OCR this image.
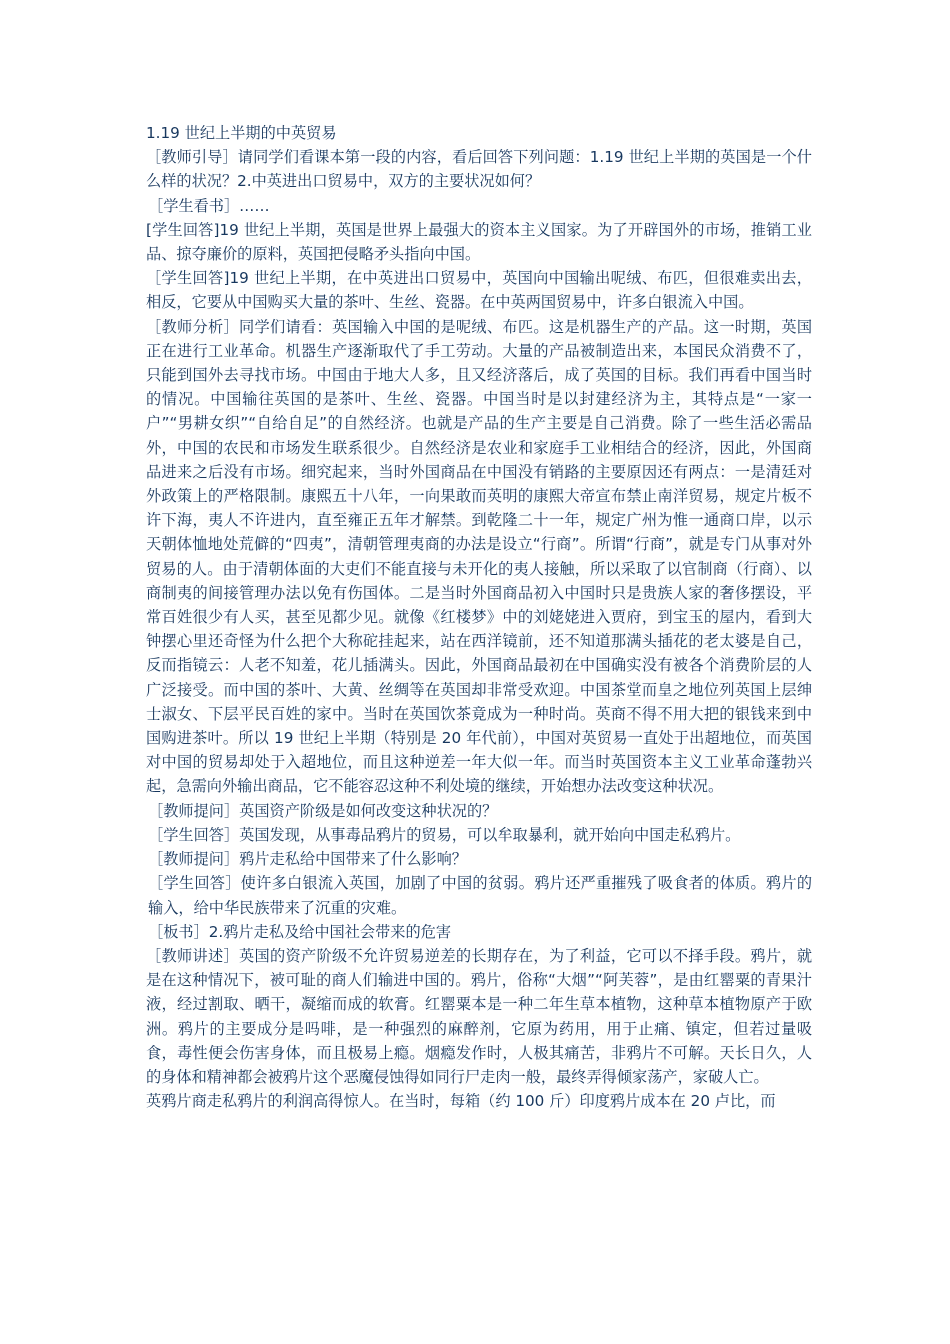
1.19 世纪上半期的中英贸易

［教师引导］请同学们看课本第一段的内容，看后回答下列问题：1.19 世纪上半期的英国是一个什么样的状况？2.中英进出口贸易中，双方的主要状况如何？

［学生看书］……

[学生回答]19 世纪上半期，英国是世界上最强大的资本主义国家。为了开辟国外的市场，推销工业品、掠夺廉价的原料，英国把侵略矛头指向中国。

［学生回答]19 世纪上半期，在中英进出口贸易中，英国向中国输出呢绒、布匹，但很难卖出去，相反，它要从中国购买大量的茶叶、生丝、瓷器。在中英两国贸易中，许多白银流入中国。

［教师分析］同学们请看：英国输入中国的是呢绒、布匹。这是机器生产的产品。这一时期，英国正在进行工业革命。机器生产逐渐取代了手工劳动。大量的产品被制造出来，本国民众消费不了，只能到国外去寻找市场。中国由于地大人多，且又经济落后，成了英国的目标。我们再看中国当时的情况。中国输往英国的是茶叶、生丝、瓷器。中国当时是以封建经济为主，其特点是“一家一户”“男耕女织”“自给自足”的自然经济。也就是产品的生产主要是自己消费。除了一些生活必需品外，中国的农民和市场发生联系很少。自然经济是农业和家庭手工业相结合的经济，因此，外国商品进来之后没有市场。细究起来，当时外国商品在中国没有销路的主要原因还有两点：一是清廷对外政策上的严格限制。康熙五十八年，一向果敢而英明的康熙大帝宣布禁止南洋贸易，规定片板不许下海，夷人不许进内，直至雍正五年才解禁。到乾隆二十一年，规定广州为惟一通商口岸，以示天朝体恤地处荒僻的“四夷”，清朝管理夷商的办法是设立“行商”。所谓“行商”，就是专门从事对外贸易的人。由于清朝体面的大吏们不能直接与未开化的夷人接触，所以采取了以官制商（行商）、以商制夷的间接管理办法以免有伤国体。二是当时外国商品初入中国时只是贵族人家的奢侈摆设，平常百姓很少有人买，甚至见都少见。就像《红楼梦》中的刘姥姥进入贾府，到宝玉的屋内，看到大钟摆心里还奇怪为什么把个大称砣挂起来，站在西洋镜前，还不知道那满头插花的老太婆是自己，反而指镜云：人老不知羞，花儿插满头。因此，外国商品最初在中国确实没有被各个消费阶层的人广泛接受。而中国的茶叶、大黄、丝绸等在英国却非常受欢迎。中国茶堂而皇之地位列英国上层绅士淑女、下层平民百姓的家中。当时在英国饮茶竟成为一种时尚。英商不得不用大把的银钱来到中国购进茶叶。所以 19 世纪上半期（特别是 20 年代前），中国对英贸易一直处于出超地位，而英国对中国的贸易却处于入超地位，而且这种逆差一年大似一年。而当时英国资本主义工业革命蓬勃兴起，急需向外输出商品，它不能容忍这种不利处境的继续，开始想办法改变这种状况。

［教师提问］英国资产阶级是如何改变这种状况的？

［学生回答］英国发现，从事毒品鸦片的贸易，可以牟取暴利，就开始向中国走私鸦片。

［教师提问］鸦片走私给中国带来了什么影响？

［学生回答］使许多白银流入英国，加剧了中国的贫弱。鸦片还严重摧残了吸食者的体质。鸦片的输入，给中华民族带来了沉重的灾难。

［板书］2.鸦片走私及给中国社会带来的危害

［教师讲述］英国的资产阶级不允许贸易逆差的长期存在，为了利益，它可以不择手段。鸦片，就是在这种情况下，被可耻的商人们输进中国的。鸦片，俗称“大烟”“阿芙蓉”，是由红罂粟的青果汁液，经过割取、晒干，凝缩而成的软膏。红罂粟本是一种二年生草本植物，这种草本植物原产于欧洲。鸦片的主要成分是吗啡，是一种强烈的麻醉剂，它原为药用，用于止痛、镇定，但若过量吸食，毒性便会伤害身体，而且极易上瘾。烟瘾发作时，人极其痛苦，非鸦片不可解。天长日久，人的身体和精神都会被鸦片这个恶魔侵蚀得如同行尸走肉一般，最终弄得倾家荡产，家破人亡。

英鸦片商走私鸦片的利润高得惊人。在当时，每箱（约 100 斤）印度鸦片成本在 20 卢比，而
